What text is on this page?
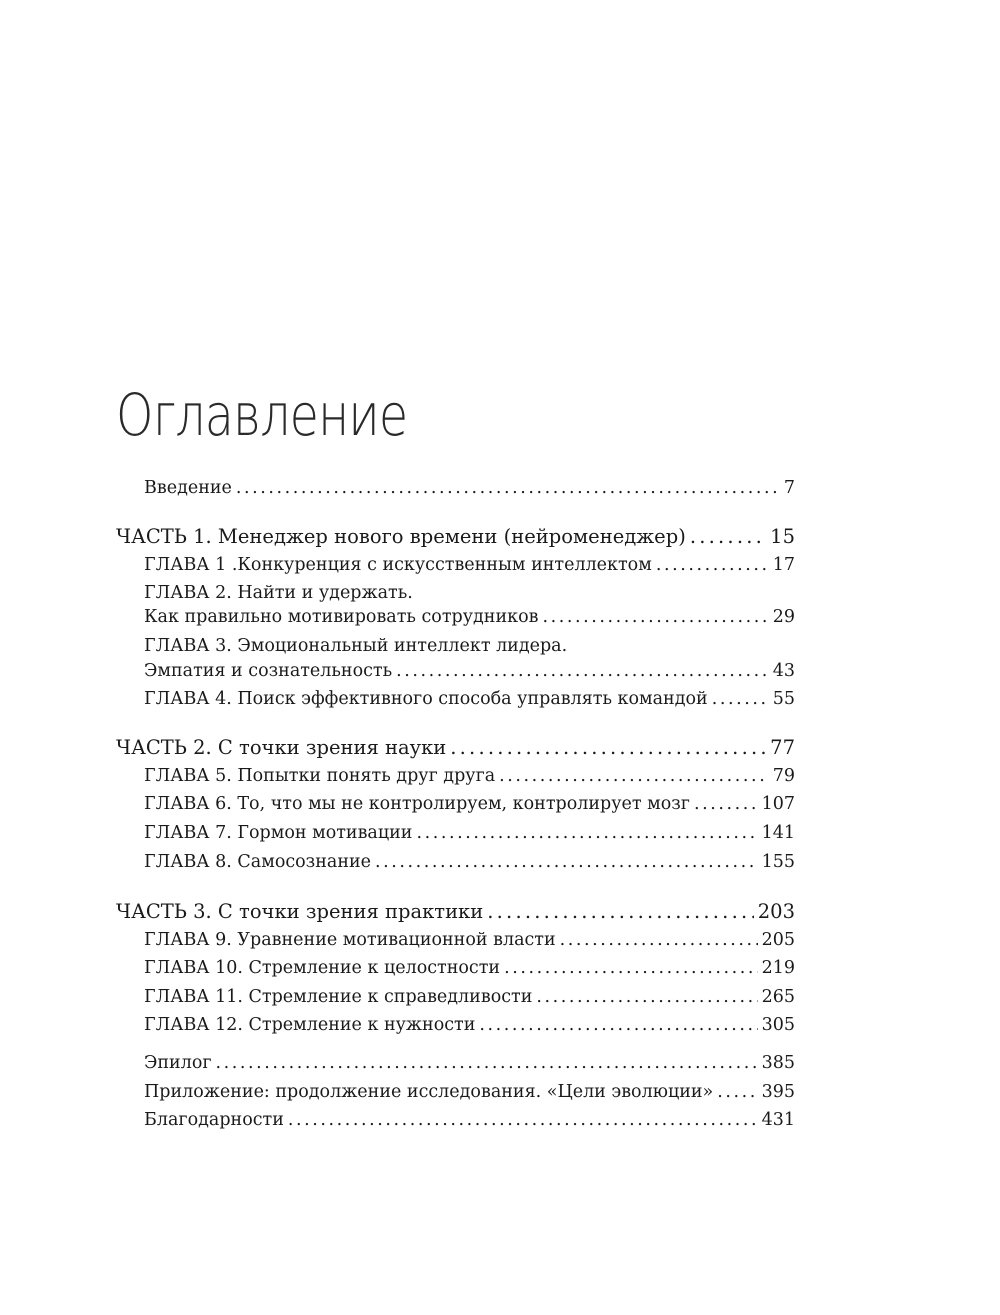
Оглавление
Введение . . .	7
ЧАСТЬ 1. Менеджер нового времени (нейроменеджер) . . .	15
ГЛАВА 1 .Конкуренция с искусственным интеллектом . . .	17
ГЛАВА 2. Найти и удержать.
Как правильно мотивировать сотрудников . . .	29
ГЛАВА 3. Эмоциональный интеллект лидера.
Эмпатия и сознательность . . .	43
ГЛАВА 4. Поиск эффективного способа управлять командой . . .	55
ЧАСТЬ 2. С точки зрения науки . . .	77
ГЛАВА 5. Попытки понять друг друга . . .	79
ГЛАВА 6. То, что мы не контролируем, контролирует мозг . . .	107
ГЛАВА 7. Гормон мотивации . . .	141
ГЛАВА 8. Самосознание . . .	155
ЧАСТЬ 3. С точки зрения практики . . .	203
ГЛАВА 9. Уравнение мотивационной власти . . .	205
ГЛАВА 10. Стремление к целостности . . .	219
ГЛАВА 11. Стремление к справедливости . . .	265
ГЛАВА 12. Стремление к нужности . . .	305
Эпилог . . .	385
Приложение: продолжение исследования. «Цели эволюции» . . .	395
Благодарности . . .	431
